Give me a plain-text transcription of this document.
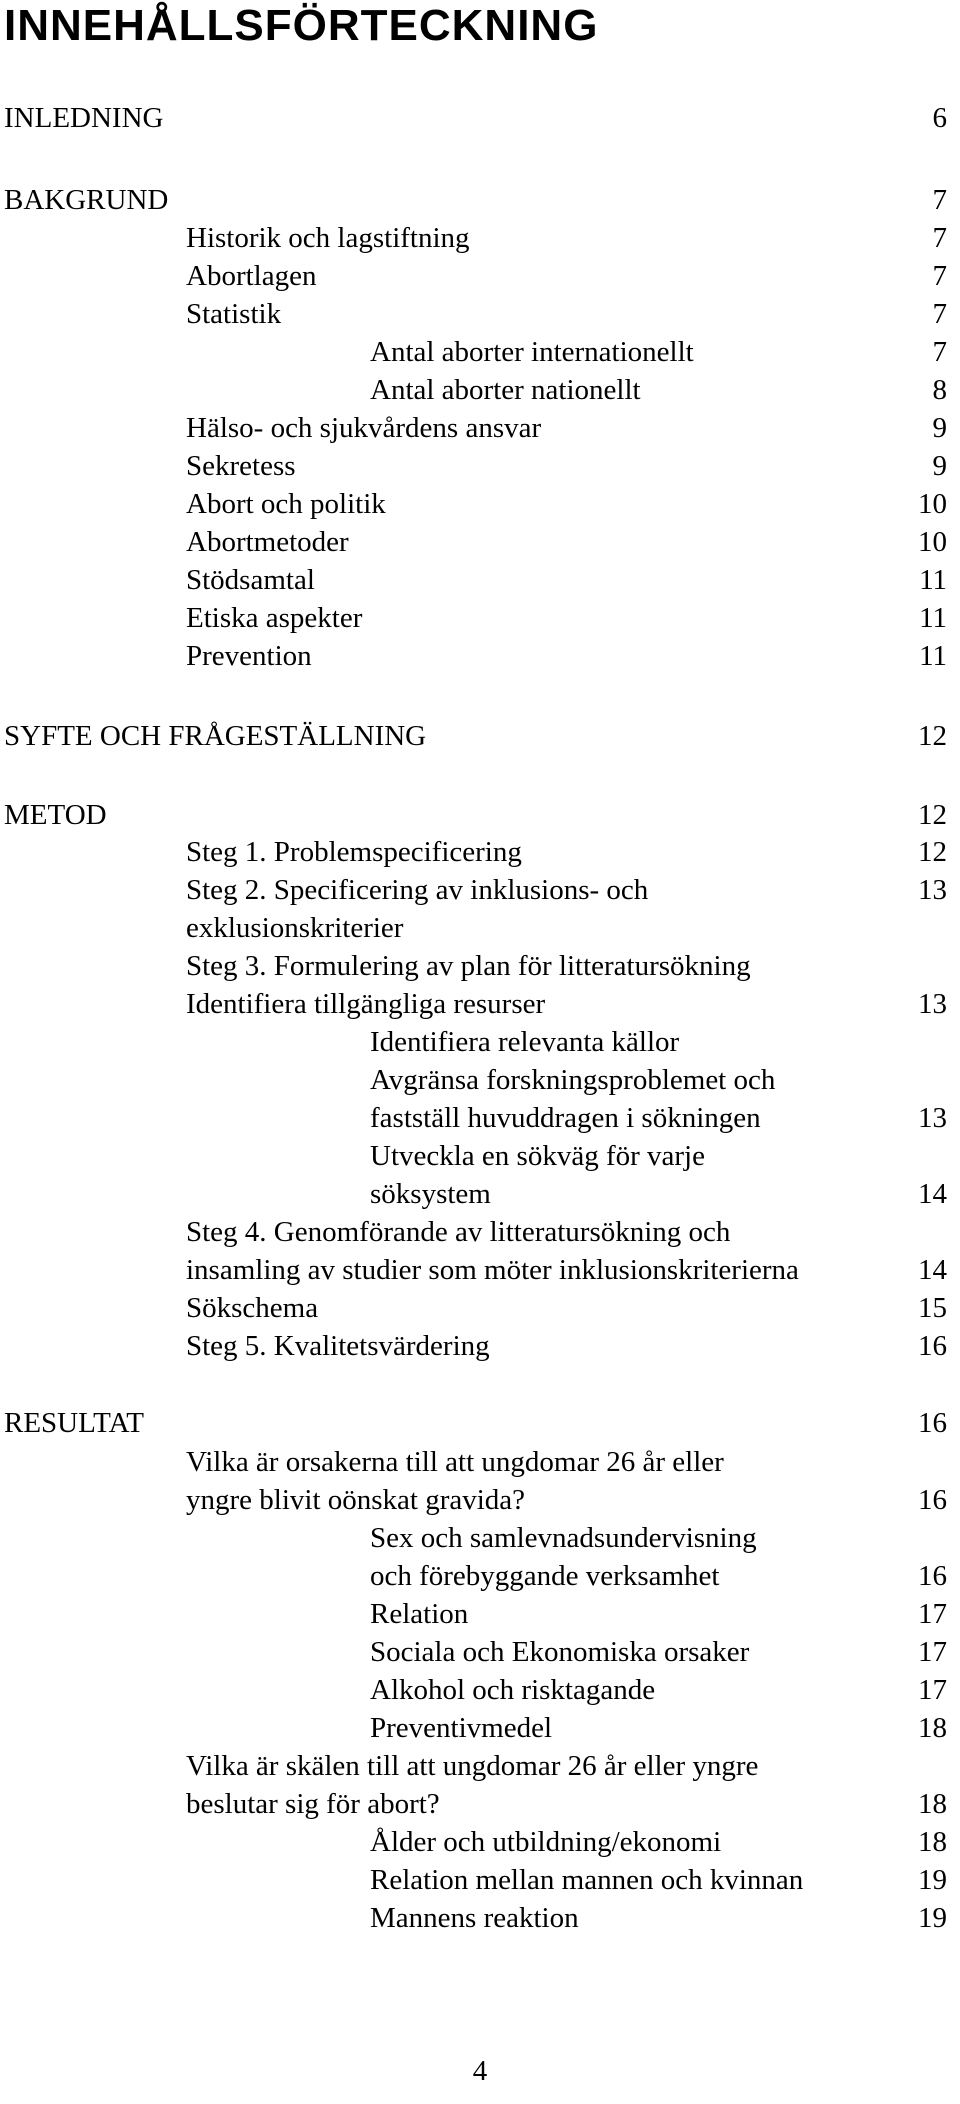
INNEHÅLLSFÖRTECKNING
INLEDNING	6
BAKGRUND	7
Historik och lagstiftning	7
Abortlagen	7
Statistik	7
Antal aborter internationellt	7
Antal aborter nationellt	8
Hälso- och sjukvårdens ansvar	9
Sekretess	9
Abort och politik	10
Abortmetoder	10
Stödsamtal	11
Etiska aspekter	11
Prevention	11
SYFTE OCH FRÅGESTÄLLNING	12
METOD	12
Steg 1. Problemspecificering	12
Steg 2. Specificering av inklusions- och	13
exklusionskriterier
Steg 3. Formulering av plan för litteratursökning
Identifiera tillgängliga resurser	13
Identifiera relevanta källor
Avgränsa forskningsproblemet och
fastställ huvuddragen i sökningen	13
Utveckla en sökväg för varje
söksystem	14
Steg 4. Genomförande av litteratursökning och
insamling av studier som möter inklusionskriterierna	14
Sökschema	15
Steg 5. Kvalitetsvärdering	16
RESULTAT	16
Vilka är orsakerna till att ungdomar 26 år eller
yngre blivit oönskat gravida?	16
Sex och samlevnadsundervisning
och förebyggande verksamhet	16
Relation	17
Sociala och Ekonomiska orsaker	17
Alkohol och risktagande	17
Preventivmedel	18
Vilka är skälen till att ungdomar 26 år eller yngre
beslutar sig för abort?	18
Ålder och utbildning/ekonomi	18
Relation mellan mannen och kvinnan	19
Mannens reaktion	19
4
